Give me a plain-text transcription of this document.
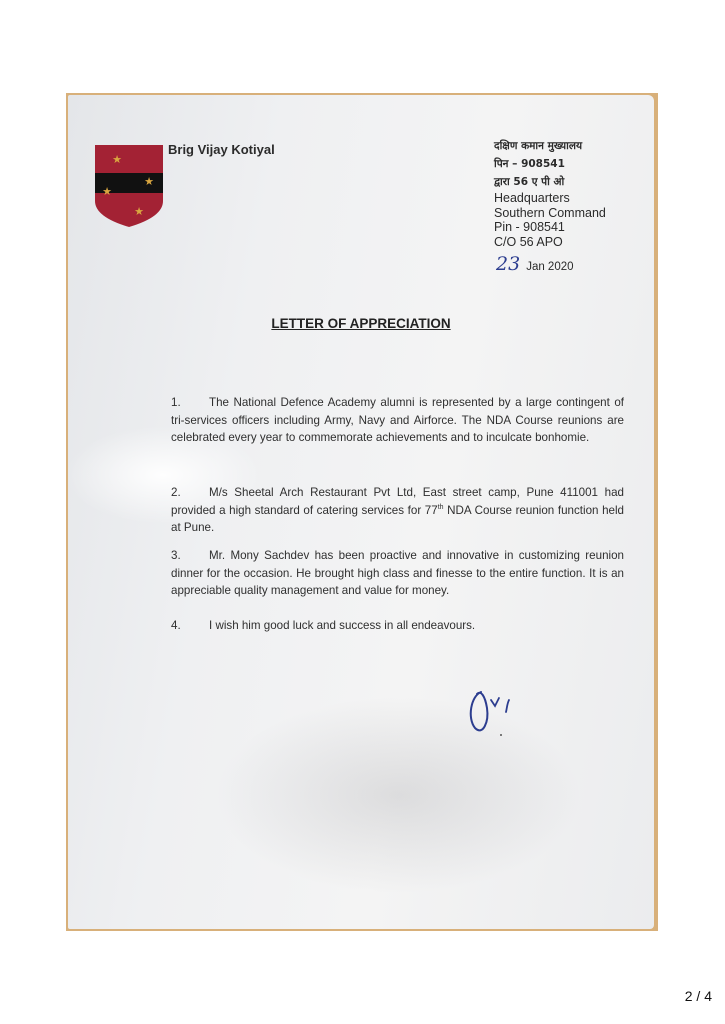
★
★
★
★
Brig Vijay Kotiyal	दक्षिण कमान मुख्यालय
पिन – 908541
द्वारा 56 ए पी ओ
Headquarters
Southern Command
Pin - 908541
C/O 56 APO
23 Jan 2020
LETTER OF APPRECIATION
1. The National Defence Academy alumni is represented by a large contingent of tri-services officers including Army, Navy and Airforce. The NDA Course reunions are celebrated every year to commemorate achievements and to inculcate bonhomie.
2. M/s Sheetal Arch Restaurant Pvt Ltd, East street camp, Pune 411001 had provided a high standard of catering services for 77th NDA Course reunion function held at Pune.
3. Mr. Mony Sachdev has been proactive and innovative in customizing reunion dinner for the occasion. He brought high class and finesse to the entire function. It is an appreciable quality management and value for money.
4. I wish him good luck and success in all endeavours.
2 / 4
